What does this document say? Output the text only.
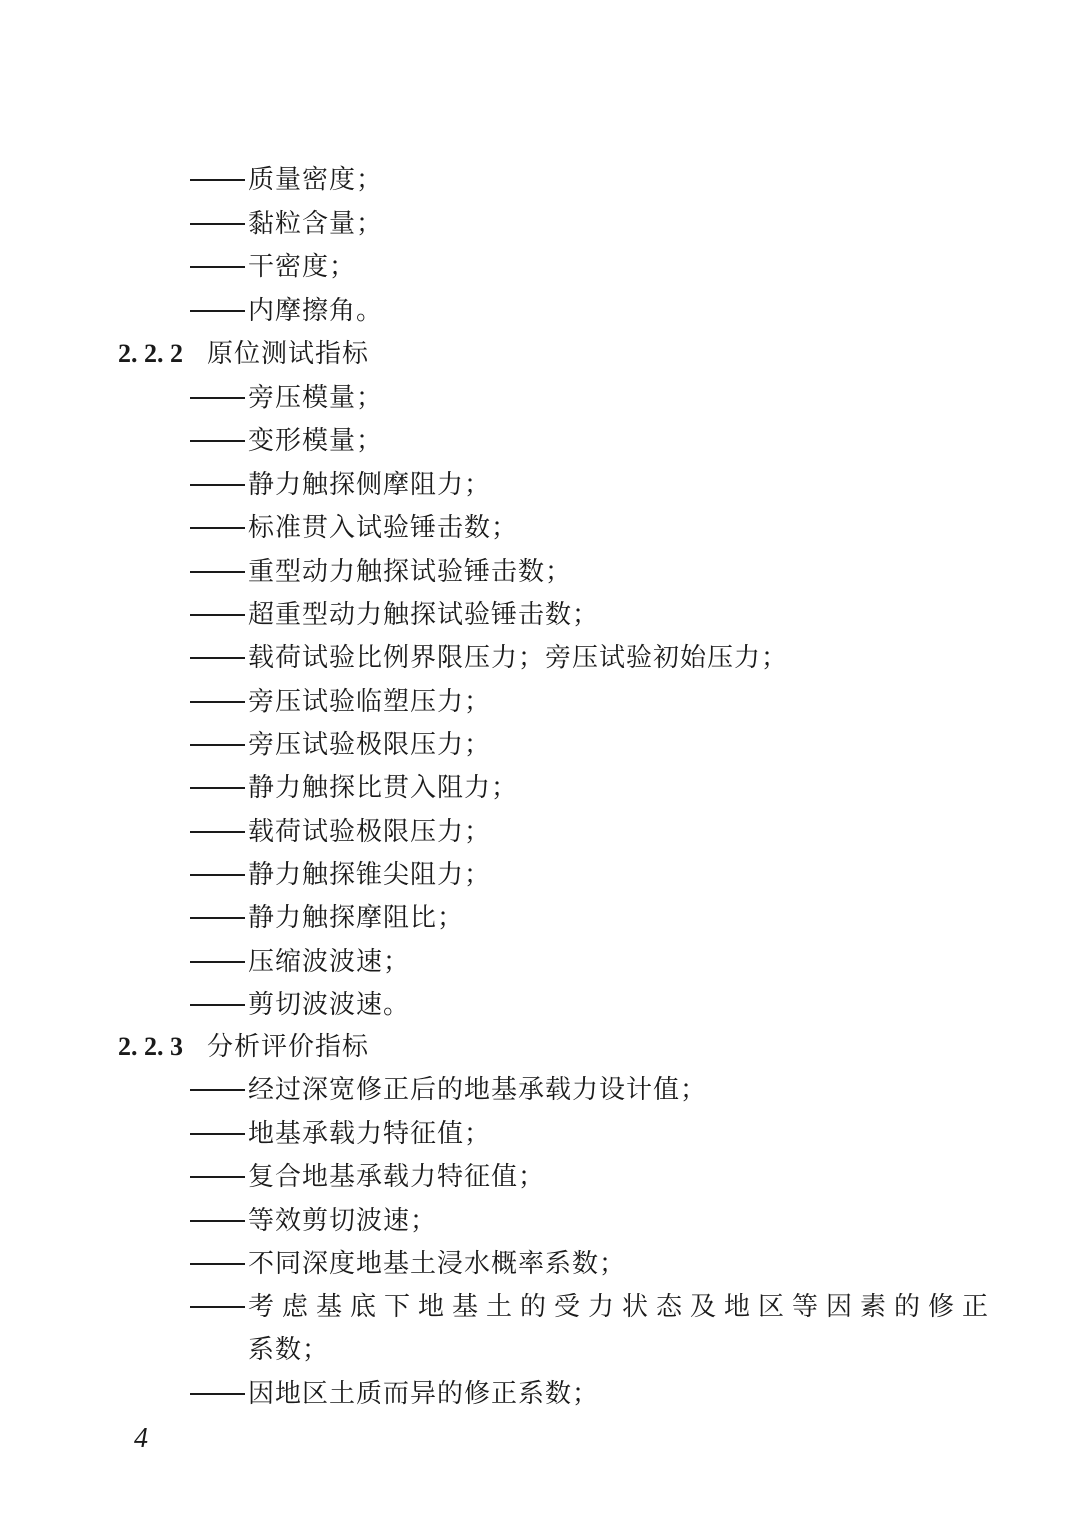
质量密度；
黏粒含量；
干密度；
内摩擦角。
2. 2. 2 原位测试指标
旁压模量；
变形模量；
静力触探侧摩阻力；
标准贯入试验锤击数；
重型动力触探试验锤击数；
超重型动力触探试验锤击数；
载荷试验比例界限压力；旁压试验初始压力；
旁压试验临塑压力；
旁压试验极限压力；
静力触探比贯入阻力；
载荷试验极限压力；
静力触探锥尖阻力；
静力触探摩阻比；
压缩波波速；
剪切波波速。
2. 2. 3 分析评价指标
经过深宽修正后的地基承载力设计值；
地基承载力特征值；
复合地基承载力特征值；
等效剪切波速；
不同深度地基土浸水概率系数；
考虑基底下地基土的受力状态及地区等因素的修正
系数；
因地区土质而异的修正系数；
4
